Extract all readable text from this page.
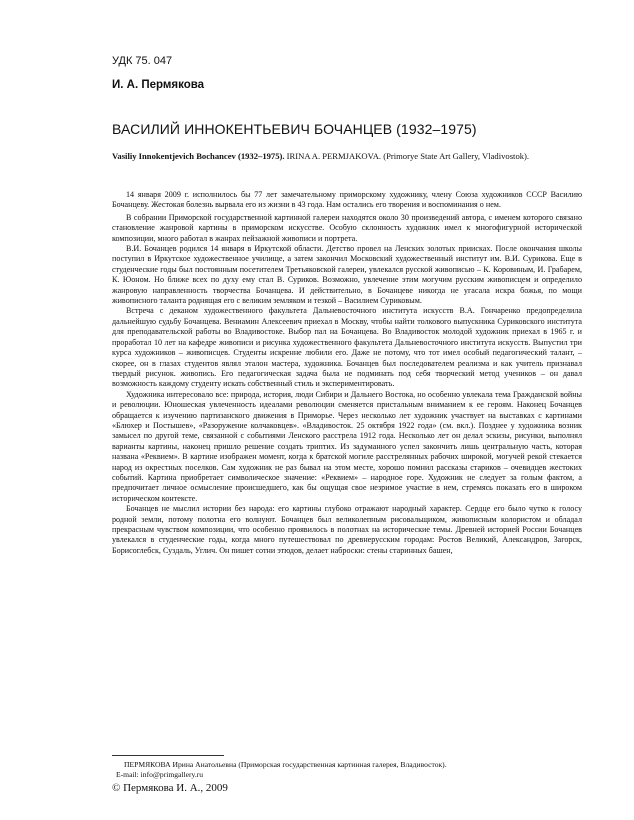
УДК 75. 047

И. А. Пермякова

ВАСИЛИЙ ИННОКЕНТЬЕВИЧ БОЧАНЦЕВ (1932–1975)

Vasiliy Innokentjevich Bochancev (1932–1975). IRINA A. PERMJAKOVA. (Primorye State Art Gallery, Vladivostok).

14 января 2009 г. исполнилось бы 77 лет замечательному приморскому художнику, члену Союза художников СССР Василию Бочанцеву. Жестокая болезнь вырвала его из жизни в 43 года. Нам остались его творения и воспоминания о нем.

В собрании Приморской государственной картинной галереи находятся около 30 произведений автора, с именем которого связано становление жанровой картины в приморском искусстве. Особую склонность художник имел к многофигурной исторической композиции, много работал в жанрах пейзажной живописи и портрета.

В.И. Бочанцев родился 14 января в Иркутской области. Детство провел на Ленских золотых приисках. После окончания школы поступил в Иркутское художественное училище, а затем закончил Московский художественный институт им. В.И. Сурикова. Еще в студенческие годы был постоянным посетителем Третьяковской галереи, увлекался русской живописью – К. Коровиным, И. Грабарем, К. Юоном. Но ближе всех по духу ему стал В. Суриков. Возможно, увлечение этим могучим русским живописцем и определило жанровую направленность творчества Бочанцева. И действительно, в Бочанцеве никогда не угасала искра божья, по мощи живописного таланта роднящая его с великим земляком и тезкой – Василием Суриковым.

Встреча с деканом художественного факультета Дальневосточного института искусств В.А. Гончаренко предопределила дальнейшую судьбу Бочанцева. Вениамин Алексеевич приехал в Москву, чтобы найти толкового выпускника Суриковского института для преподавательской работы во Владивостоке. Выбор пал на Бочанцева. Во Владивосток молодой художник приехал в 1965 г. и проработал 10 лет на кафедре живописи и рисунка художественного факультета Дальневосточного института искусств. Выпустил три курса художников – живописцев. Студенты искренне любили его. Даже не потому, что тот имел особый педагогический талант, – скорее, он в глазах студентов являл эталон мастера, художника. Бочанцев был последователем реализма и как учитель признавал твердый рисунок. живопись. Его педагогическая задача была не подминать под себя творческий метод учеников – он давал возможность каждому студенту искать собственный стиль и экспериментировать.

Художника интересовало все: природа, история, люди Сибири и Дальнего Востока, но особенно увлекала тема Гражданской войны и революции. Юношеская увлеченность идеалами революции сменяется пристальным вниманием к ее героям. Наконец Бочанцев обращается к изучению партизанского движения в Приморье. Через несколько лет художник участвует на выставках с картинами «Блюхер и Постышев», «Разоружение колчаковцев». «Владивосток. 25 октября 1922 года» (см. вкл.). Позднее у художника возник замысел по другой теме, связанной с событиями Ленского расстрела 1912 года. Несколько лет он делал эскизы, рисунки, выполнял варианты картины, наконец пришло решение создать триптих. Из задуманного успел закончить лишь центральную часть, которая названа «Реквием». В картине изображен момент, когда к братской могиле расстрелянных рабочих широкой, могучей рекой стекается народ из окрестных поселков. Сам художник не раз бывал на этом месте, хорошо помнил рассказы стариков – очевидцев жестоких событий. Картина приобретает символическое значение: «Реквием» – народное горе. Художник не следует за голым фактом, а предпочитает личное осмысление происшедшего, как бы ощущая свое незримое участие в нем, стремясь показать его в широком историческом контексте.

Бочанцев не мыслил истории без народа: его картины глубоко отражают народный характер. Сердце его было чутко к голосу родной земли, потому полотна его волнуют. Бочанцев был великолепным рисовальщиком, живописным колористом и обладал прекрасным чувством композиции, что особенно проявилось в полотнах на исторические темы. Древней историей России Бочанцев увлекался в студенческие годы, когда много путешествовал по древнерусским городам: Ростов Великий, Александров, Загорск, Борисоглебск, Суздаль, Углич. Он пишет сотни этюдов, делает наброски: стены старинных башен,

ПЕРМЯКОВА Ирина Анатольевна (Приморская государственная картинная галерея, Владивосток).

E-mail: info@primgallery.ru

© Пермякова И. А., 2009
